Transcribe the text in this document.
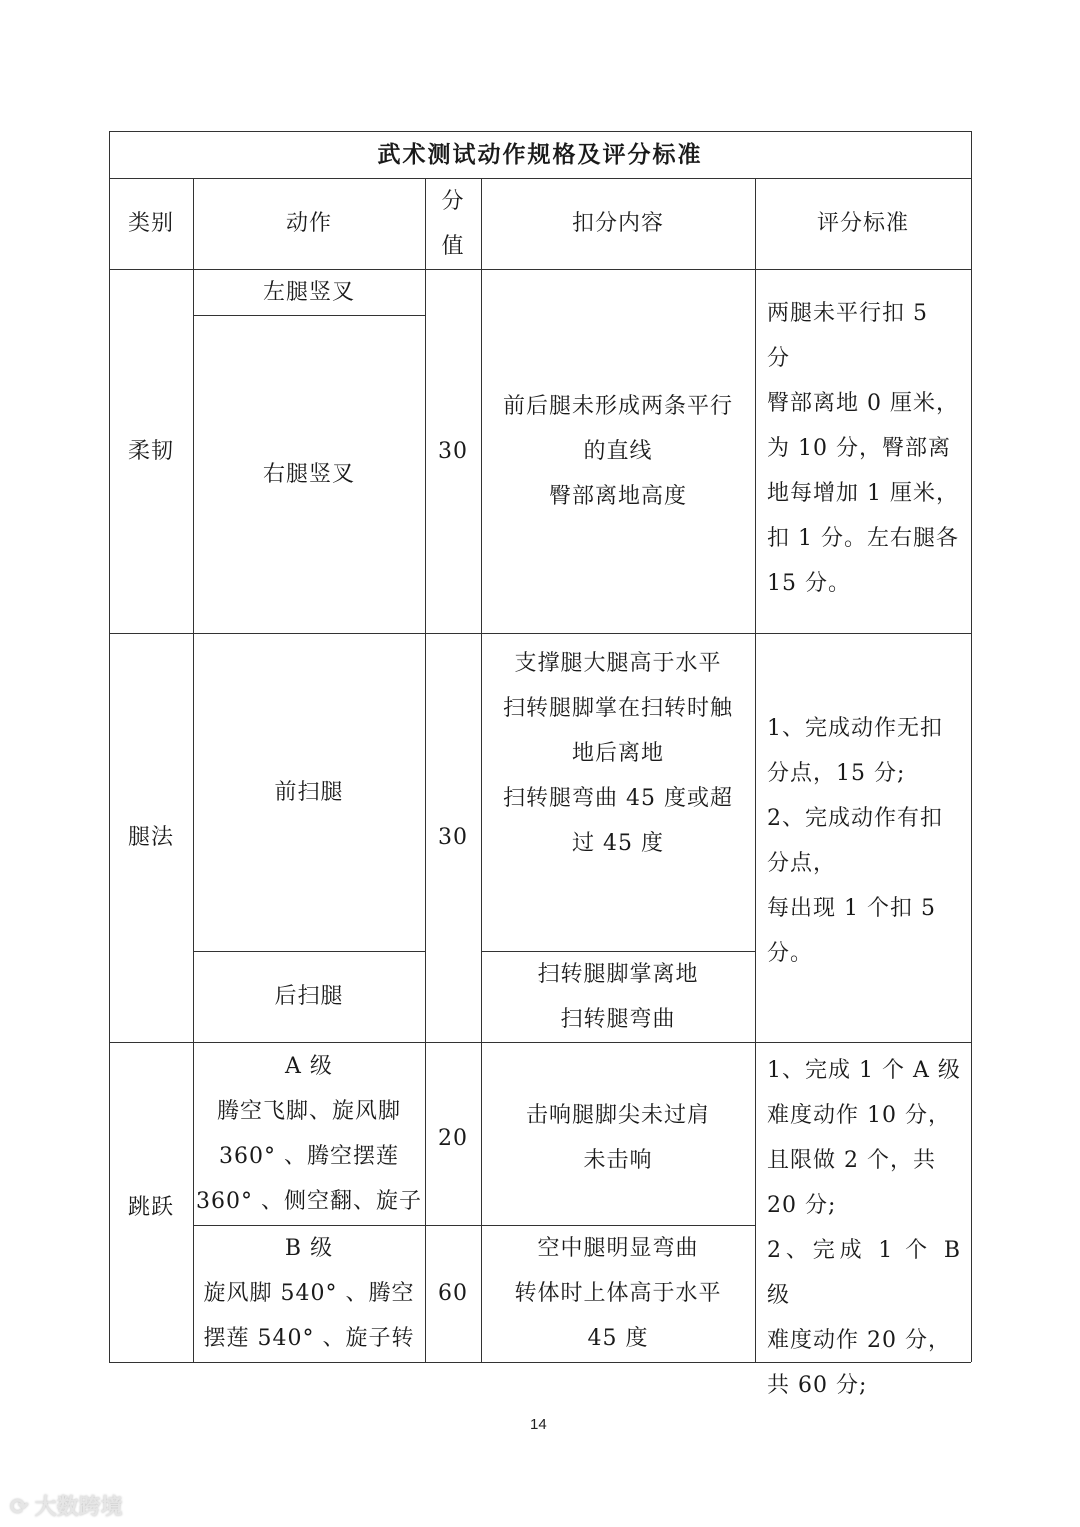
武术测试动作规格及评分标准
类别	动作
分
值
扣分内容	评分标准
柔韧
左腿竖叉
右腿竖叉
30
前后腿未形成两条平行
的直线
臀部离地高度
两腿未平行扣 5
分
臀部离地 0 厘米，
为 10 分，臀部离
地每增加 1 厘米，
扣 1 分。左右腿各
15 分。
腿法
前扫腿
后扫腿
30
支撑腿大腿高于水平
扫转腿脚掌在扫转时触
地后离地
扫转腿弯曲 45 度或超
过 45 度
扫转腿脚掌离地
扫转腿弯曲
1、完成动作无扣
分点，15 分;
2、完成动作有扣
分点，
每出现 1 个扣 5
分。
跳跃
A 级
腾空飞脚、旋风脚
360° 、腾空摆莲
360° 、侧空翻、旋子
20
击响腿脚尖未过肩
未击响
B 级
旋风脚 540° 、腾空
摆莲 540° 、旋子转
60
空中腿明显弯曲
转体时上体高于水平
45 度
1、完成 1 个 A 级
难度动作 10 分，
且限做 2 个，共
20 分;
2、完成 1 个 B 级
难度动作 20 分，
共 60 分;
14
⟳ 大数跨境
